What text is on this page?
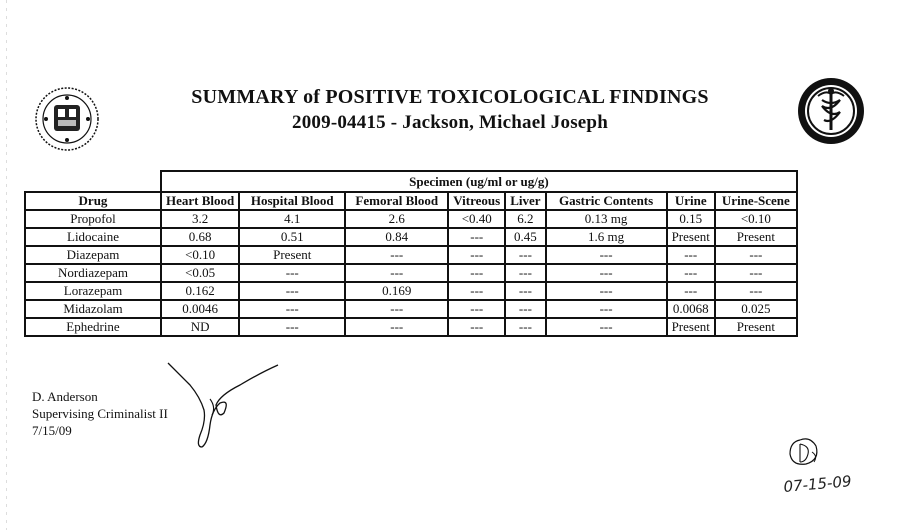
SUMMARY of POSITIVE TOXICOLOGICAL FINDINGS
2009-04415 - Jackson, Michael Joseph
	Specimen (ug/ml or ug/g)							
Drug	Heart Blood	Hospital Blood	Femoral Blood	Vitreous	Liver	Gastric Contents	Urine	Urine-Scene
Propofol	3.2	4.1	2.6	<0.40	6.2	0.13 mg	0.15	<0.10
Lidocaine	0.68	0.51	0.84	---	0.45	1.6 mg	Present	Present
Diazepam	<0.10	Present	---	---	---	---	---	---
Nordiazepam	<0.05	---	---	---	---	---	---	---
Lorazepam	0.162	---	0.169	---	---	---	---	---
Midazolam	0.0046	---	---	---	---	---	0.0068	0.025
Ephedrine	ND	---	---	---	---	---	Present	Present
D. Anderson
Supervising Criminalist II
7/15/09
07-15-09
